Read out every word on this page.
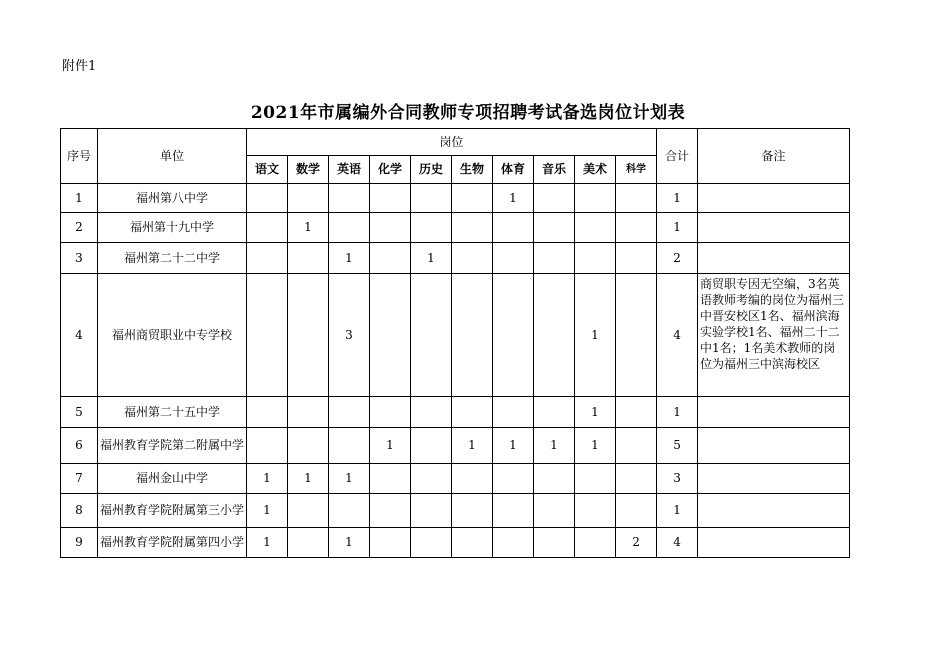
附件1
2021年市属编外合同教师专项招聘考试备选岗位计划表
序号	单位	岗位										合计	备注
		语文	数学	英语	化学	历史	生物	体育	音乐	美术	科学		
1	福州第八中学							1				1	
2	福州第十九中学		1									1	
3	福州第二十二中学			1		1						2	
4	福州商贸职业中专学校			3						1		4	商贸职专因无空编，3名英语教师考编的岗位为福州三中晋安校区1名、福州滨海实验学校1名、福州二十二中1名；1名美术教师的岗位为福州三中滨海校区
5	福州第二十五中学									1		1	
6	福州教育学院第二附属中学				1		1	1	1	1		5	
7	福州金山中学	1	1	1								3	
8	福州教育学院附属第三小学	1										1	
9	福州教育学院附属第四小学	1		1							2	4	
